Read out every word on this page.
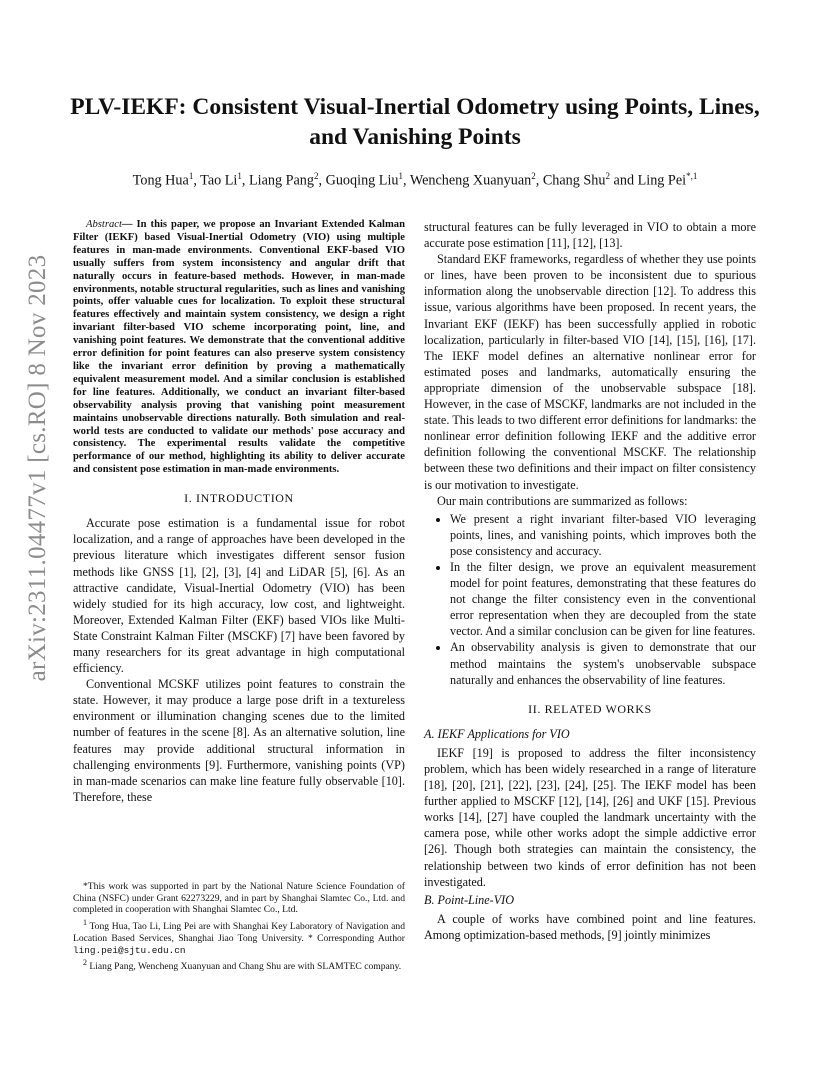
arXiv:2311.04477v1 [cs.RO] 8 Nov 2023
PLV-IEKF: Consistent Visual-Inertial Odometry using Points, Lines, and Vanishing Points
Tong Hua$^1$, Tao Li$^1$, Liang Pang$^2$, Guoqing Liu$^1$, Wencheng Xuanyuan$^2$, Chang Shu$^2$ and Ling Pei$^{*,1}$

Abstract— In this paper, we propose an Invariant Extended Kalman Filter (IEKF) based Visual-Inertial Odometry (VIO) using multiple features in man-made environments. Conventional EKF-based VIO usually suffers from system inconsistency and angular drift that naturally occurs in feature-based methods. However, in man-made environments, notable structural regularities, such as lines and vanishing points, offer valuable cues for localization. To exploit these structural features effectively and maintain system consistency, we design a right invariant filter-based VIO scheme incorporating point, line, and vanishing point features. We demonstrate that the conventional additive error definition for point features can also preserve system consistency like the invariant error definition by proving a mathematically equivalent measurement model. And a similar conclusion is established for line features. Additionally, we conduct an invariant filter-based observability analysis proving that vanishing point measurement maintains unobservable directions naturally. Both simulation and real-world tests are conducted to validate our methods' pose accuracy and consistency. The experimental results validate the competitive performance of our method, highlighting its ability to deliver accurate and consistent pose estimation in man-made environments.

I. INTRODUCTION

Accurate pose estimation is a fundamental issue for robot localization, and a range of approaches have been developed in the previous literature which investigates different sensor fusion methods like GNSS [1], [2], [3], [4] and LiDAR [5], [6]. As an attractive candidate, Visual-Inertial Odometry (VIO) has been widely studied for its high accuracy, low cost, and lightweight. Moreover, Extended Kalman Filter (EKF) based VIOs like Multi-State Constraint Kalman Filter (MSCKF) [7] have been favored by many researchers for its great advantage in high computational efficiency.

Conventional MCSKF utilizes point features to constrain the state. However, it may produce a large pose drift in a textureless environment or illumination changing scenes due to the limited number of features in the scene [8]. As an alternative solution, line features may provide additional structural information in challenging environments [9]. Furthermore, vanishing points (VP) in man-made scenarios can make line feature fully observable [10]. Therefore, these

*This work was supported in part by the National Nature Science Foundation of China (NSFC) under Grant 62273229, and in part by Shanghai Slamtec Co., Ltd. and completed in cooperation with Shanghai Slamtec Co., Ltd.

$^1$ Tong Hua, Tao Li, Ling Pei are with Shanghai Key Laboratory of Navigation and Location Based Services, Shanghai Jiao Tong University. * Corresponding Author ling.pei@sjtu.edu.cn

$^2$ Liang Pang, Wencheng Xuanyuan and Chang Shu are with SLAMTEC company.

structural features can be fully leveraged in VIO to obtain a more accurate pose estimation [11], [12], [13].

Standard EKF frameworks, regardless of whether they use points or lines, have been proven to be inconsistent due to spurious information along the unobservable direction [12]. To address this issue, various algorithms have been proposed. In recent years, the Invariant EKF (IEKF) has been successfully applied in robotic localization, particularly in filter-based VIO [14], [15], [16], [17]. The IEKF model defines an alternative nonlinear error for estimated poses and landmarks, automatically ensuring the appropriate dimension of the unobservable subspace [18]. However, in the case of MSCKF, landmarks are not included in the state. This leads to two different error definitions for landmarks: the nonlinear error definition following IEKF and the additive error definition following the conventional MSCKF. The relationship between these two definitions and their impact on filter consistency is our motivation to investigate.

Our main contributions are summarized as follows:

• We present a right invariant filter-based VIO leveraging points, lines, and vanishing points, which improves both the pose consistency and accuracy.
• In the filter design, we prove an equivalent measurement model for point features, demonstrating that these features do not change the filter consistency even in the conventional error representation when they are decoupled from the state vector. And a similar conclusion can be given for line features.
• An observability analysis is given to demonstrate that our method maintains the system's unobservable subspace naturally and enhances the observability of line features.
II. RELATED WORKS
A. IEKF Applications for VIO

IEKF [19] is proposed to address the filter inconsistency problem, which has been widely researched in a range of literature [18], [20], [21], [22], [23], [24], [25]. The IEKF model has been further applied to MSCKF [12], [14], [26] and UKF [15]. Previous works [14], [27] have coupled the landmark uncertainty with the camera pose, while other works adopt the simple addictive error [26]. Though both strategies can maintain the consistency, the relationship between two kinds of error definition has not been investigated.

B. Point-Line-VIO

A couple of works have combined point and line features. Among optimization-based methods, [9] jointly minimizes
